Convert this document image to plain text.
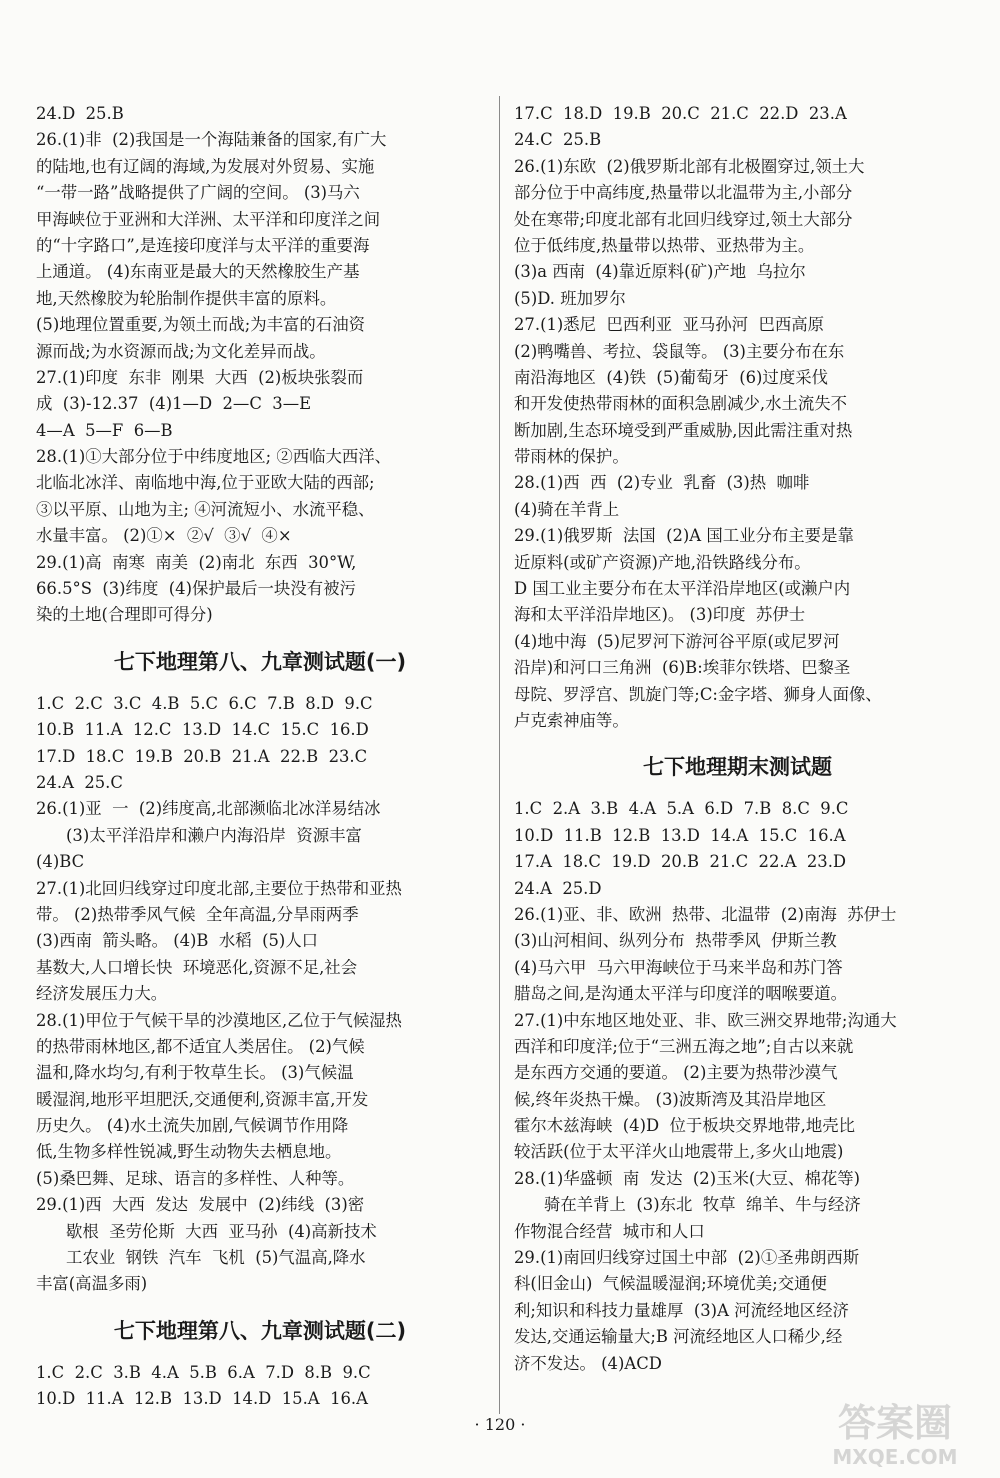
24.D  25.B
26.(1)非  (2)我国是一个海陆兼备的国家,有广大
的陆地,也有辽阔的海域,为发展对外贸易、实施
“一带一路”战略提供了广阔的空间。 (3)马六
甲海峡位于亚洲和大洋洲、太平洋和印度洋之间
的“十字路口”,是连接印度洋与太平洋的重要海
上通道。 (4)东南亚是最大的天然橡胶生产基
地,天然橡胶为轮胎制作提供丰富的原料。
(5)地理位置重要,为领土而战;为丰富的石油资
源而战;为水资源而战;为文化差异而战。
27.(1)印度  东非  刚果  大西  (2)板块张裂而
成  (3)-12.37  (4)1—D  2—C  3—E
4—A  5—F  6—B
28.(1)①大部分位于中纬度地区; ②西临大西洋、
北临北冰洋、南临地中海,位于亚欧大陆的西部;
③以平原、山地为主; ④河流短小、水流平稳、
水量丰富。 (2)①×  ②√  ③√  ④×
29.(1)高  南寒  南美  (2)南北  东西  30°W,
66.5°S  (3)纬度  (4)保护最后一块没有被污
染的土地(合理即可得分)
七下地理第八、九章测试题(一)
1.C  2.C  3.C  4.B  5.C  6.C  7.B  8.D  9.C
10.B  11.A  12.C  13.D  14.C  15.C  16.D
17.D  18.C  19.B  20.B  21.A  22.B  23.C
24.A  25.C
26.(1)亚  一  (2)纬度高,北部濒临北冰洋易结冰
(3)太平洋沿岸和濑户内海沿岸  资源丰富
(4)BC
27.(1)北回归线穿过印度北部,主要位于热带和亚热
带。 (2)热带季风气候  全年高温,分旱雨两季
(3)西南  箭头略。 (4)B  水稻  (5)人口
基数大,人口增长快  环境恶化,资源不足,社会
经济发展压力大。
28.(1)甲位于气候干旱的沙漠地区,乙位于气候湿热
的热带雨林地区,都不适宜人类居住。 (2)气候
温和,降水均匀,有利于牧草生长。 (3)气候温
暖湿润,地形平坦肥沃,交通便利,资源丰富,开发
历史久。 (4)水土流失加剧,气候调节作用降
低,生物多样性锐减,野生动物失去栖息地。
(5)桑巴舞、足球、语言的多样性、人种等。
29.(1)西  大西  发达  发展中  (2)纬线  (3)密
歇根  圣劳伦斯  大西  亚马孙  (4)高新技术
工农业  钢铁  汽车  飞机  (5)气温高,降水
丰富(高温多雨)
七下地理第八、九章测试题(二)
1.C  2.C  3.B  4.A  5.B  6.A  7.D  8.B  9.C
10.D  11.A  12.B  13.D  14.D  15.A  16.A
17.C  18.D  19.B  20.C  21.C  22.D  23.A
24.C  25.B
26.(1)东欧  (2)俄罗斯北部有北极圈穿过,领土大
部分位于中高纬度,热量带以北温带为主,小部分
处在寒带;印度北部有北回归线穿过,领土大部分
位于低纬度,热量带以热带、亚热带为主。
(3)a 西南  (4)靠近原料(矿)产地  乌拉尔
(5)D. 班加罗尔
27.(1)悉尼  巴西利亚  亚马孙河  巴西高原
(2)鸭嘴兽、考拉、袋鼠等。 (3)主要分布在东
南沿海地区  (4)铁  (5)葡萄牙  (6)过度采伐
和开发使热带雨林的面积急剧减少,水土流失不
断加剧,生态环境受到严重威胁,因此需注重对热
带雨林的保护。
28.(1)西  西  (2)专业  乳畜  (3)热  咖啡
(4)骑在羊背上
29.(1)俄罗斯  法国  (2)A 国工业分布主要是靠
近原料(或矿产资源)产地,沿铁路线分布。
D 国工业主要分布在太平洋沿岸地区(或濑户内
海和太平洋沿岸地区)。 (3)印度  苏伊士
(4)地中海  (5)尼罗河下游河谷平原(或尼罗河
沿岸)和河口三角洲  (6)B:埃菲尔铁塔、巴黎圣
母院、罗浮宫、凯旋门等;C:金字塔、狮身人面像、
卢克索神庙等。
七下地理期末测试题
1.C  2.A  3.B  4.A  5.A  6.D  7.B  8.C  9.C
10.D  11.B  12.B  13.D  14.A  15.C  16.A
17.A  18.C  19.D  20.B  21.C  22.A  23.D
24.A  25.D
26.(1)亚、非、欧洲  热带、北温带  (2)南海  苏伊士
(3)山河相间、纵列分布  热带季风  伊斯兰教
(4)马六甲  马六甲海峡位于马来半岛和苏门答
腊岛之间,是沟通太平洋与印度洋的咽喉要道。
27.(1)中东地区地处亚、非、欧三洲交界地带;沟通大
西洋和印度洋;位于“三洲五海之地”;自古以来就
是东西方交通的要道。 (2)主要为热带沙漠气
候,终年炎热干燥。 (3)波斯湾及其沿岸地区
霍尔木兹海峡  (4)D  位于板块交界地带,地壳比
较活跃(位于太平洋火山地震带上,多火山地震)
28.(1)华盛顿  南  发达  (2)玉米(大豆、棉花等)
骑在羊背上  (3)东北  牧草  绵羊、牛与经济
作物混合经营  城市和人口
29.(1)南回归线穿过国土中部  (2)①圣弗朗西斯
科(旧金山)  气候温暖湿润;环境优美;交通便
利;知识和科技力量雄厚  (3)A 河流经地区经济
发达,交通运输量大;B 河流经地区人口稀少,经
济不发达。 (4)ACD
· 120 ·	答案圈
MXQE.COM
